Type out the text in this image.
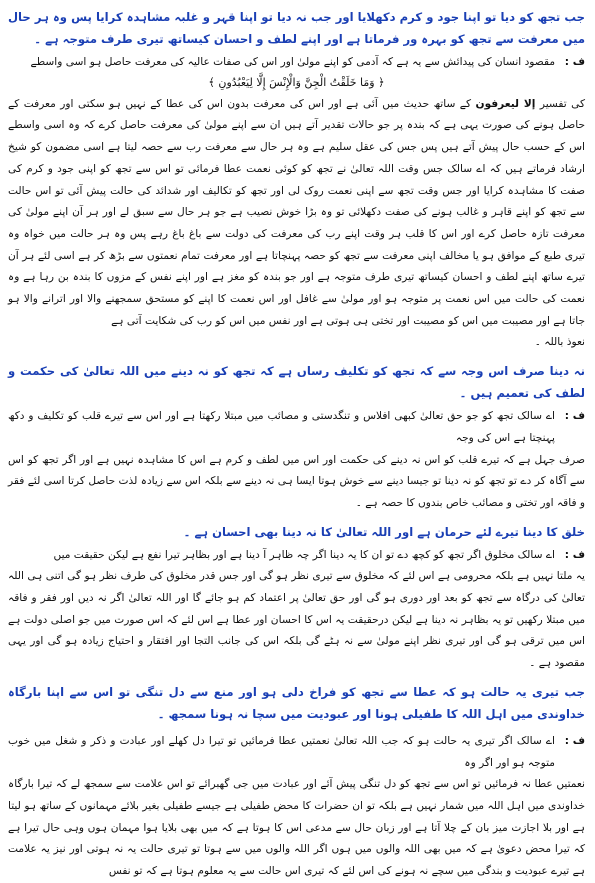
جب تجھ کو دیا تو اپنا جود و کرم دکھلایا اور جب نہ دیا تو اپنا قہر و غلبہ مشاہدہ کرایا پس وہ ہر حال میں معرفت سے تجھ کو بہرہ ور فرماتا ہے اور اپنے لطف و احسان کیساتھ تیری طرف متوجہ ہے ۔

ف :
مقصود انسان کی پیدائش سے یہ ہے کہ آدمی کو اپنے مولیٰ اور اس کی صفات عالیہ کی معرفت حاصل ہو اسی واسطے

﴿ وَمَا خَلَقْتُ الْجِنَّ وَالْإِنْسَ إِلَّا لِيَعْبُدُونِ ﴾

کی تفسیر إلا ليعرفون کے ساتھ حدیث میں آئی ہے اور اس کی معرفت بدون اس کی عطا کے نہیں ہو سکتی اور معرفت کے حاصل ہونے کی صورت یہی ہے کہ بندہ پر جو حالات تقدیر آتے ہیں ان سے اپنے مولیٰ کی معرفت حاصل کرے کہ وہ اسی واسطے اس کے حسب حال پیش آتے ہیں پس جس کی عقل سلیم ہے وہ ہر حال سے معرفت رب سے حصہ لیتا ہے اسی مضمون کو شیخ ارشاد فرماتے ہیں کہ اے سالک جس وقت اللہ تعالیٰ نے تجھ کو کوئی نعمت عطا فرمائی تو اس سے تجھ کو اپنی جود و کرم کی صفت کا مشاہدہ کرایا اور جس وقت تجھ سے اپنی نعمت روک لی اور تجھ کو تکالیف اور شدائد کی حالت پیش آئی تو اس حالت سے تجھ کو اپنے قاہر و غالب ہونے کی صفت دکھلائی تو وہ بڑا خوش نصیب ہے جو ہر حال سے سبق لے اور ہر آن اپنے مولیٰ کی معرفت تازہ حاصل کرے اور اس کا قلب ہر وقت اپنے رب کی معرفت کی دولت سے باغ باغ رہے پس وہ ہر حالت میں خواہ وہ تیری طبع کے موافق ہو یا مخالف اپنی معرفت سے تجھ کو حصہ پہنچاتا ہے اور معرفت تمام نعمتوں سے بڑھ کر ہے اسی لئے ہر آن تیرے ساتھ اپنے لطف و احسان کیساتھ تیری طرف متوجہ ہے اور جو بندہ کو مغز ہے اور اپنے نفس کے مزوں کا بندہ بن رہا ہے وہ نعمت کی حالت میں اس نعمت پر متوجہ ہو اور مولیٰ سے غافل اور اس نعمت کا اپنے کو مستحق سمجھنے والا اور اترانے والا ہو جاتا ہے اور مصیبت میں اس کو مصیبت اور تختی ہی ہوتی ہے اور نفس میں اس کو رب کی شکایت آتی ہے

نعوذ باللہ ۔

نہ دینا صرف اس وجہ سے کہ تجھ کو تکلیف رساں ہے کہ تجھ کو نہ دینے میں اللہ تعالیٰ کی حکمت و لطف کی تعمیم ہیں ۔

ف :
اے سالک تجھ کو جو حق تعالیٰ کبھی افلاس و تنگدستی و مصائب میں مبتلا رکھتا ہے اور اس سے تیرے قلب کو تکلیف و دکھ پہنچتا ہے اس کی وجہ

صرف جہل ہے کہ تیرے قلب کو اس نہ دینے کی حکمت اور اس میں لطف و کرم ہے اس کا مشاہدہ نہیں ہے اور اگر تجھ کو اس سے آگاہ کر دے تو تجھ کو نہ دینا تو جیسا دینے سے خوش ہوتا ایسا ہی نہ دینے سے بلکہ اس سے زیادہ لذت حاصل کرتا اسی لئے فقر و فاقہ اور تختی و مصائب خاص بندوں کا حصہ ہے ۔

خلق کا دینا تیرے لئے حرمان ہے اور اللہ تعالیٰ کا نہ دینا بھی احسان ہے ۔

ف :
اے سالک مخلوق اگر تجھ کو کچھ دے تو ان کا یہ دینا اگر چہ ظاہر آ دینا ہے اور بظاہر تیرا نفع ہے لیکن حقیقت میں

یہ ملتا نہیں ہے بلکہ محرومی ہے اس لئے کہ مخلوق سے تیری نظر ہو گی اور جس قدر مخلوق کی طرف نظر ہو گی اتنی ہی اللہ تعالیٰ کی درگاہ سے تجھ کو بعد اور دوری ہو گی اور حق تعالیٰ پر اعتماد کم ہو جائے گا اور اللہ تعالیٰ اگر نہ دیں اور فقر و فاقہ میں مبتلا رکھیں تو یہ بظاہر نہ دینا ہے لیکن درحقیقت یہ اس کا احسان اور عطا ہے اس لئے کہ اس صورت میں جو اصلی دولت ہے اس میں ترقی ہو گی اور تیری نظر اپنے مولیٰ سے نہ ہٹے گی بلکہ اس کی جانب التجا اور افتقار و احتیاج زیادہ ہو گی اور یہی مقصود ہے ۔

جب تیری یہ حالت ہو کہ عطا سے تجھ کو فراخ دلی ہو اور منع سے دل تنگی تو اس سے اپنا بارگاہ خداوندی میں اہل اللہ کا طفیلی ہونا اور عبودیت میں سچا نہ ہونا سمجھ ۔

ف :
اے سالک اگر تیری یہ حالت ہو کہ جب اللہ تعالیٰ نعمتیں عطا فرمائیں تو تیرا دل کھلے اور عبادت و ذکر و شغل میں خوب متوجہ ہو اور اگر وہ

نعمتیں عطا نہ فرمائیں تو اس سے تجھ کو دل تنگی پیش آئے اور عبادت میں جی گھبرائے تو اس علامت سے سمجھ لے کہ تیرا بارگاہ خداوندی میں اہل اللہ میں شمار نہیں ہے بلکہ تو ان حضرات کا محض طفیلی ہے جیسے طفیلی بغیر بلائے مہمانوں کے ساتھ ہو لیتا ہے اور بلا اجازت میز بان کے چلا آتا ہے اور زبان حال سے مدعی اس کا ہوتا ہے کہ میں بھی بلایا ہوا مہمان ہوں وہی حال تیرا ہے کہ تیرا محض دعویٰ ہے کہ میں بھی اللہ والوں میں ہوں اگر اللہ والوں میں سے ہوتا تو تیری حالت یہ نہ ہوتی اور نیز یہ علامت ہے تیرے عبودیت و بندگی میں سچے نہ ہونے کی اس لئے کہ تیری اس حالت سے یہ معلوم ہوتا ہے کہ تو نفس
